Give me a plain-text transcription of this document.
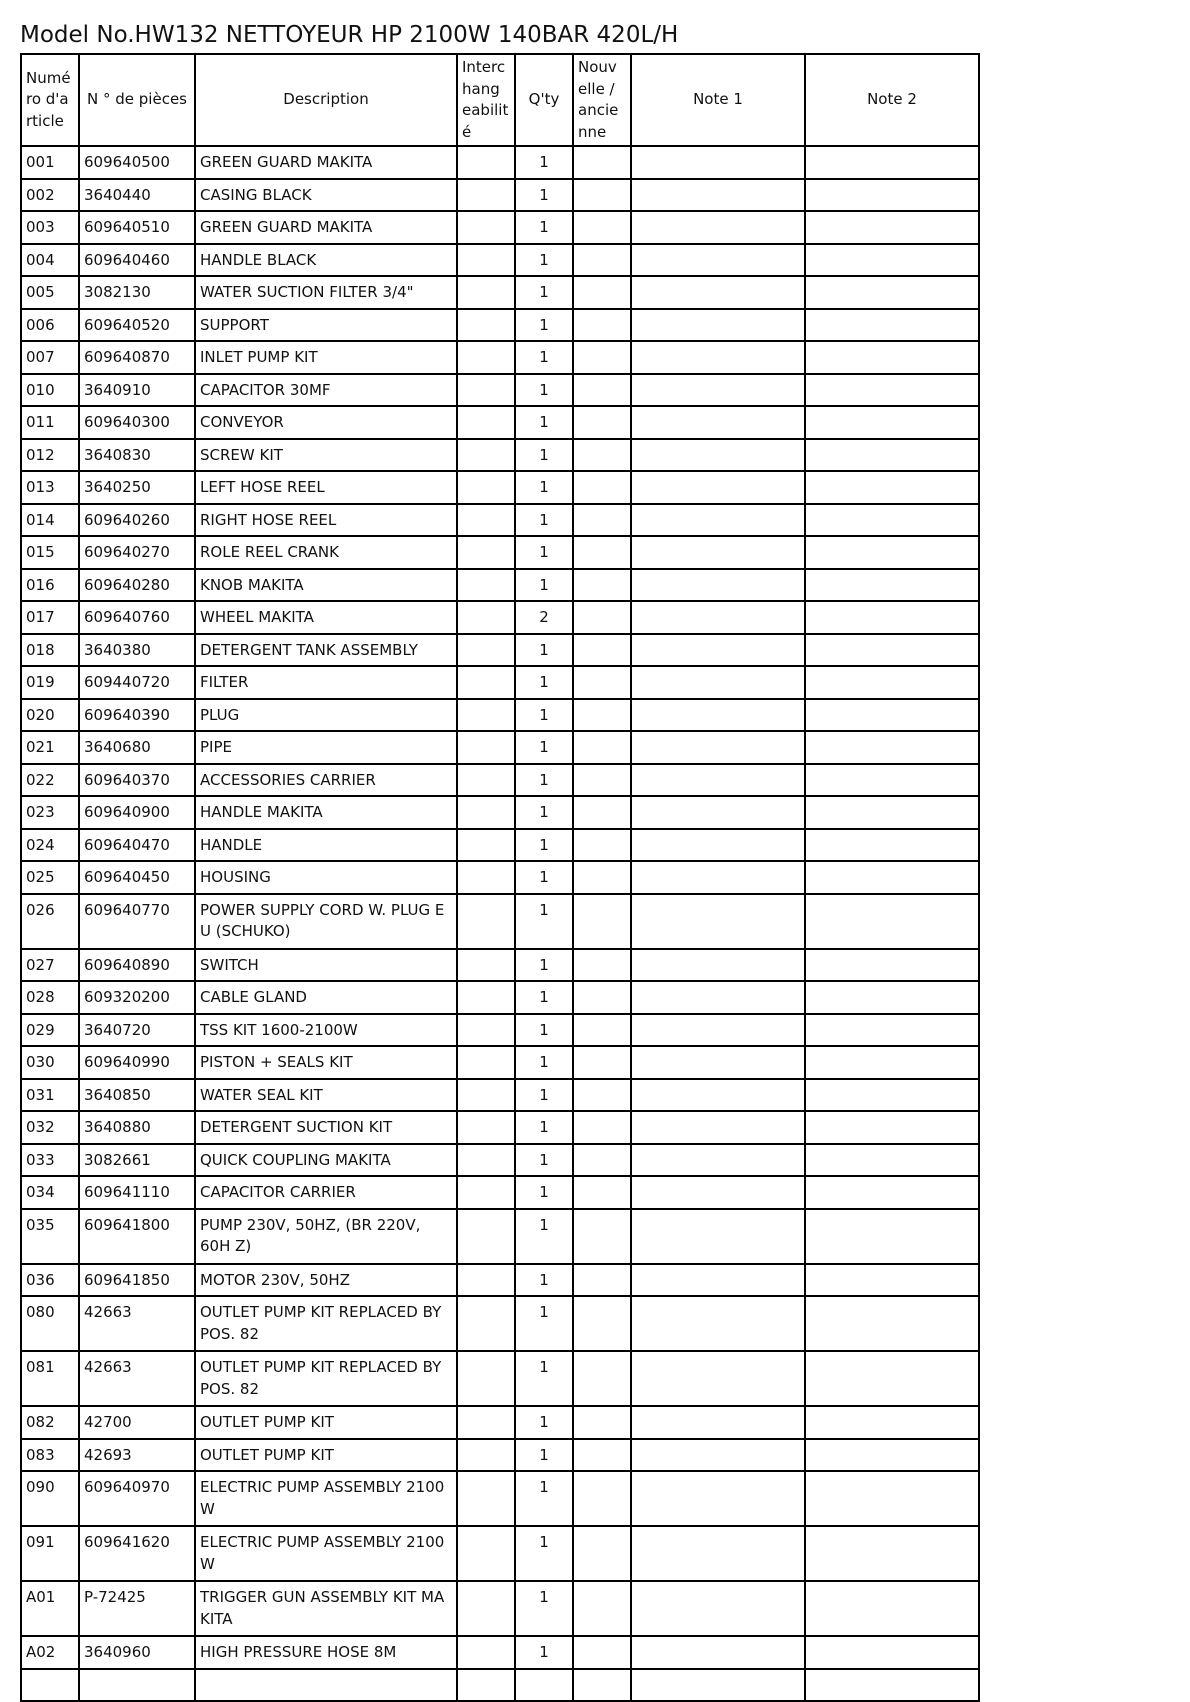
Model No.HW132 NETTOYEUR HP 2100W 140BAR 420L/H
Numé ro d'a rticle	N ° de pièces	Description	Interc hang eabilit é	Q'ty	Nouv elle / ancie nne	Note 1	Note 2
001	609640500	GREEN GUARD MAKITA		1			
002	3640440	CASING BLACK		1			
003	609640510	GREEN GUARD MAKITA		1			
004	609640460	HANDLE BLACK		1			
005	3082130	WATER SUCTION FILTER 3/4"		1			
006	609640520	SUPPORT		1			
007	609640870	INLET PUMP KIT		1			
010	3640910	CAPACITOR 30MF		1			
011	609640300	CONVEYOR		1			
012	3640830	SCREW KIT		1			
013	3640250	LEFT HOSE REEL		1			
014	609640260	RIGHT HOSE REEL		1			
015	609640270	ROLE REEL CRANK		1			
016	609640280	KNOB MAKITA		1			
017	609640760	WHEEL MAKITA		2			
018	3640380	DETERGENT TANK ASSEMBLY		1			
019	609440720	FILTER		1			
020	609640390	PLUG		1			
021	3640680	PIPE		1			
022	609640370	ACCESSORIES CARRIER		1			
023	609640900	HANDLE MAKITA		1			
024	609640470	HANDLE		1			
025	609640450	HOUSING		1			
026	609640770	POWER SUPPLY CORD W. PLUG E U (SCHUKO)		1			
027	609640890	SWITCH		1			
028	609320200	CABLE GLAND		1			
029	3640720	TSS KIT 1600-2100W		1			
030	609640990	PISTON + SEALS KIT		1			
031	3640850	WATER SEAL KIT		1			
032	3640880	DETERGENT SUCTION KIT		1			
033	3082661	QUICK COUPLING MAKITA		1			
034	609641110	CAPACITOR CARRIER		1			
035	609641800	PUMP 230V, 50HZ, (BR 220V, 60H Z)		1			
036	609641850	MOTOR 230V, 50HZ		1			
080	42663	OUTLET PUMP KIT REPLACED BY POS. 82		1			
081	42663	OUTLET PUMP KIT REPLACED BY POS. 82		1			
082	42700	OUTLET PUMP KIT		1			
083	42693	OUTLET PUMP KIT		1			
090	609640970	ELECTRIC PUMP ASSEMBLY 2100 W		1			
091	609641620	ELECTRIC PUMP ASSEMBLY 2100 W		1			
A01	P-72425	TRIGGER GUN ASSEMBLY KIT MA KITA		1			
A02	3640960	HIGH PRESSURE HOSE 8M		1			
